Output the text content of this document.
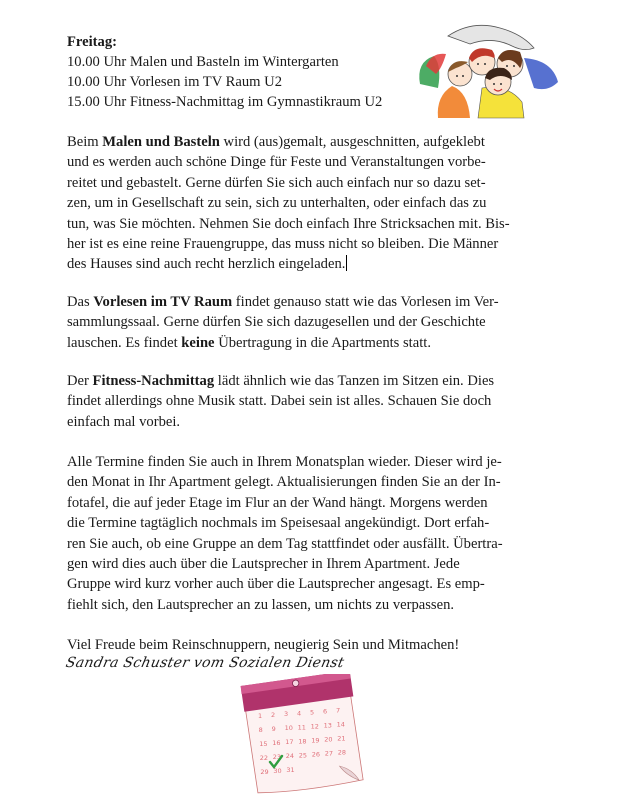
Freitag:
10.00 Uhr Malen und Basteln im Wintergarten
10.00 Uhr Vorlesen im TV Raum U2
15.00 Uhr Fitness-Nachmittag im Gymnastikraum U2
Beim Malen und Basteln wird (aus)gemalt, ausgeschnitten, aufgeklebt
und es werden auch schöne Dinge für Feste und Veranstaltungen vorbe-
reitet und gebastelt. Gerne dürfen Sie sich auch einfach nur so dazu set-
zen, um in Gesellschaft zu sein, sich zu unterhalten, oder einfach das zu
tun, was Sie möchten. Nehmen Sie doch einfach Ihre Stricksachen mit. Bis-
her ist es eine reine Frauengruppe, das muss nicht so bleiben. Die Männer
des Hauses sind auch recht herzlich eingeladen.
Das Vorlesen im TV Raum findet genauso statt wie das Vorlesen im Ver-
sammlungssaal. Gerne dürfen Sie sich dazugesellen und der Geschichte
lauschen. Es findet keine Übertragung in die Apartments statt.
Der Fitness-Nachmittag lädt ähnlich wie das Tanzen im Sitzen ein. Dies
findet allerdings ohne Musik statt. Dabei sein ist alles. Schauen Sie doch
einfach mal vorbei.
Alle Termine finden Sie auch in Ihrem Monatsplan wieder. Dieser wird je-
den Monat in Ihr Apartment gelegt. Aktualisierungen finden Sie an der In-
fotafel, die auf jeder Etage im Flur an der Wand hängt. Morgens werden
die Termine tagtäglich nochmals im Speisesaal angekündigt. Dort erfah-
ren Sie auch, ob eine Gruppe an dem Tag stattfindet oder ausfällt. Übertra-
gen wird dies auch über die Lautsprecher in Ihrem Apartment. Jede
Gruppe wird kurz vorher auch über die Lautsprecher angesagt. Es emp-
fiehlt sich, den Lautsprecher an zu lassen, um nichts zu verpassen.
Viel Freude beim Reinschnuppern, neugierig Sein und Mitmachen!
Sandra Schuster vom Sozialen Dienst
1 2 3 4 5 6 7
8 9 10 11 12 13 14
15 16 17 18 19 20 21
22 23 24 25 26 27 28
29 30 31
